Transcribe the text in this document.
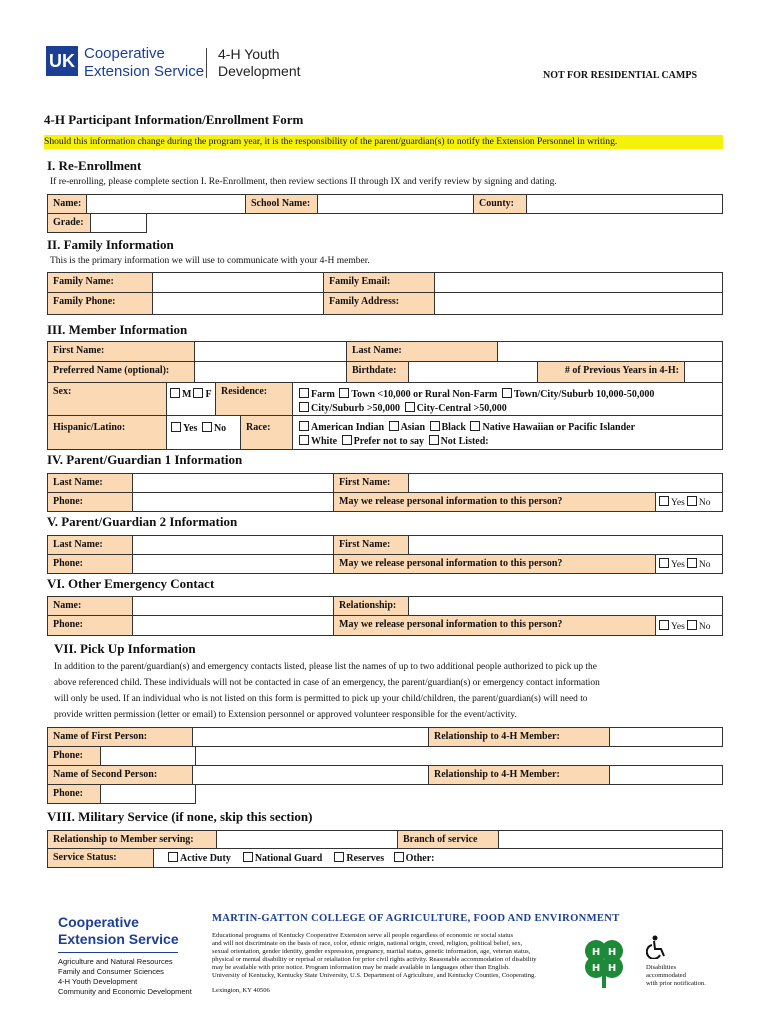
UK Cooperative
Extension Service
4-H Youth
Development	NOT FOR RESIDENTIAL CAMPS
4-H Participant Information/Enrollment Form
Should this information change during the program year, it is the responsibility of the parent/guardian(s) to notify the Extension Personnel in writing.
I. Re-Enrollment
If re-enrolling, please complete section I. Re-Enrollment, then review sections II through IX and verify review by signing and dating.
Name:	School Name:	County:
Grade:
II. Family Information
This is the primary information we will use to communicate with your 4-H member.
Family Name:	Family Email:
Family Phone:	Family Address:
III. Member Information
First Name:	Last Name:
Preferred Name (optional):	Birthdate:	# of Previous Years in 4-H:
Sex:	M F Residence:	Farm Town <10,000 or Rural Non-Farm Town/City/Suburb 10,000-50,000
City/Suburb >50,000 City-Central >50,000
Hispanic/Latino:	Yes No	Race:	American Indian Asian Black Native Hawaiian or Pacific Islander
White Prefer not to say Not Listed:
IV. Parent/Guardian 1 Information
Last Name:	First Name:
Phone:	May we release personal information to this person?	Yes No
V. Parent/Guardian 2 Information
Last Name:	First Name:
Phone:	May we release personal information to this person?	Yes No
VI. Other Emergency Contact
Name:	Relationship:
Phone:	May we release personal information to this person?	Yes No
VII. Pick Up Information
In addition to the parent/guardian(s) and emergency contacts listed, please list the names of up to two additional people authorized to pick up the
above referenced child. These individuals will not be contacted in case of an emergency, the parent/guardian(s) or emergency contact information
will only be used. If an individual who is not listed on this form is permitted to pick up your child/children, the parent/guardian(s) will need to
provide written permission (letter or email) to Extension personnel or approved volunteer responsible for the event/activity.
Name of First Person:	Relationship to 4-H Member:
Phone:
Name of Second Person:	Relationship to 4-H Member:
Phone:
VIII. Military Service (if none, skip this section)
Relationship to Member serving:	Branch of service
Service Status:	Active Duty National Guard Reserves Other:
Cooperative
Extension Service
Agriculture and Natural Resources
Family and Consumer Sciences
4-H Youth Development
Community and Economic Development
MARTIN-GATTON COLLEGE OF AGRICULTURE, FOOD AND ENVIRONMENT
Educational programs of Kentucky Cooperative Extension serve all people regardless of economic or social status
and will not discriminate on the basis of race, color, ethnic origin, national origin, creed, religion, political belief, sex,
sexual orientation, gender identity, gender expression, pregnancy, marital status, genetic information, age, veteran status,
physical or mental disability or reprisal or retaliation for prior civil rights activity. Reasonable accommodation of disability
may be available with prior notice. Program information may be made available in languages other than English.
University of Kentucky, Kentucky State University, U.S. Department of Agriculture, and Kentucky Counties, Cooperating.
Lexington, KY 40506
H H
H H	Disabilities
accommodated
with prior notification.
